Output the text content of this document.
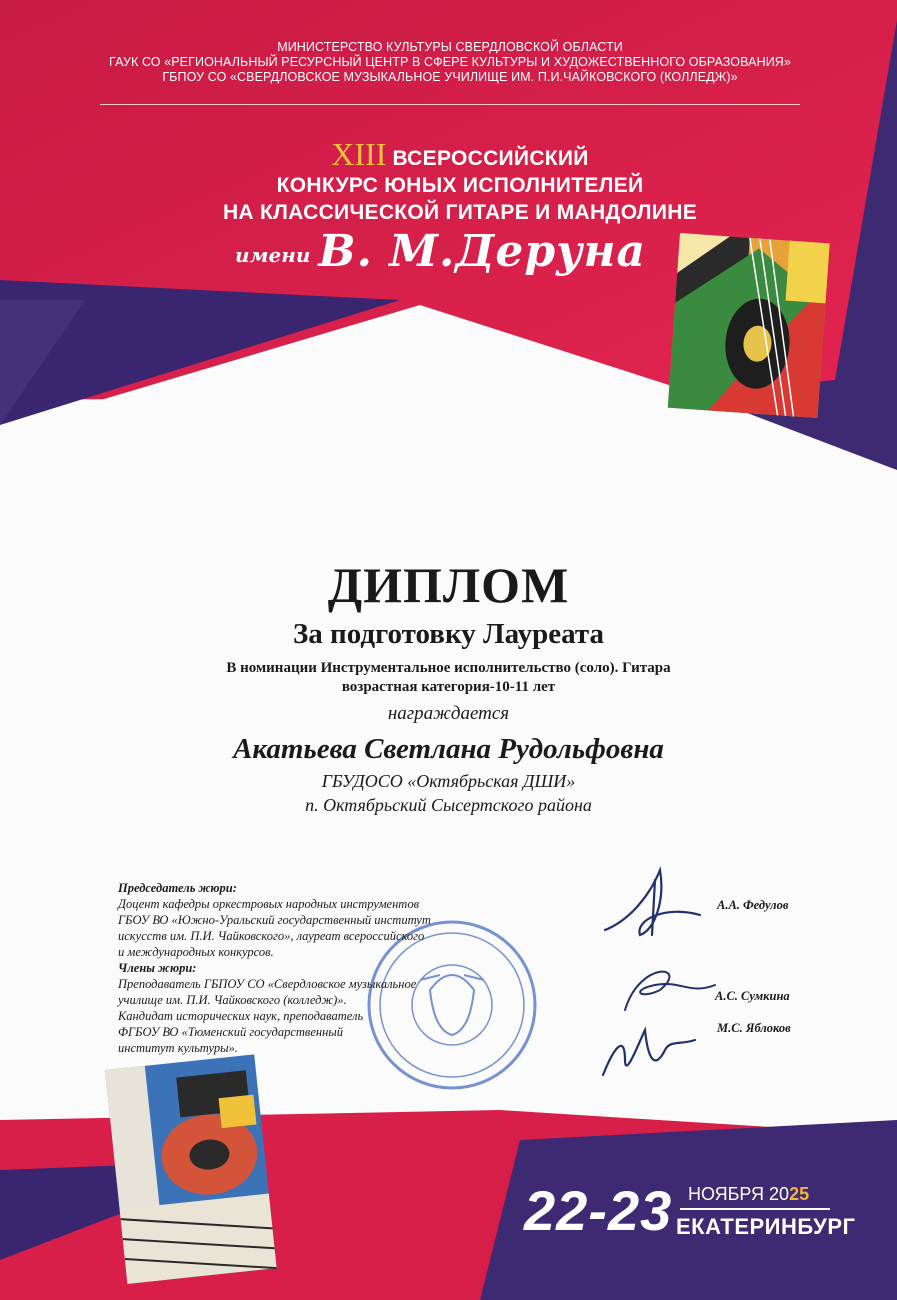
МИНИСТЕРСТВО КУЛЬТУРЫ СВЕРДЛОВСКОЙ ОБЛАСТИ
ГАУК СО «РЕГИОНАЛЬНЫЙ РЕСУРСНЫЙ ЦЕНТР В СФЕРЕ КУЛЬТУРЫ И ХУДОЖЕСТВЕННОГО ОБРАЗОВАНИЯ»
ГБПОУ СО «СВЕРДЛОВСКОЕ МУЗЫКАЛЬНОЕ УЧИЛИЩЕ ИМ. П.И.ЧАЙКОВСКОГО (КОЛЛЕДЖ)»
XIII ВСЕРОССИЙСКИЙ
КОНКУРС ЮНЫХ ИСПОЛНИТЕЛЕЙ
НА КЛАССИЧЕСКОЙ ГИТАРЕ И МАНДОЛИНЕ
имени В. М.Деруна
ДИПЛОМ
За подготовку Лауреата
В номинации Инструментальное исполнительство (соло). Гитара
возрастная категория-10-11 лет
награждается
Акатьева Светлана Рудольфовна
ГБУДОСО «Октябрьская ДШИ»
п. Октябрьский Сысертского района
Председатель жюри:
Доцент кафедры оркестровых народных инструментов
ГБОУ ВО «Южно-Уральский государственный институт
искусств им. П.И. Чайковского», лауреат всероссийского
и международных конкурсов.
Члены жюри:
Преподаватель ГБПОУ СО «Свердловское музыкальное
училище им. П.И. Чайковского (колледж)».
Кандидат исторических наук, преподаватель
ФГБОУ ВО «Тюменский государственный
институт культуры».
А.А. Федулов
А.С. Сумкина
М.С. Яблоков
22-23 НОЯБРЯ 2025
ЕКАТЕРИНБУРГ
